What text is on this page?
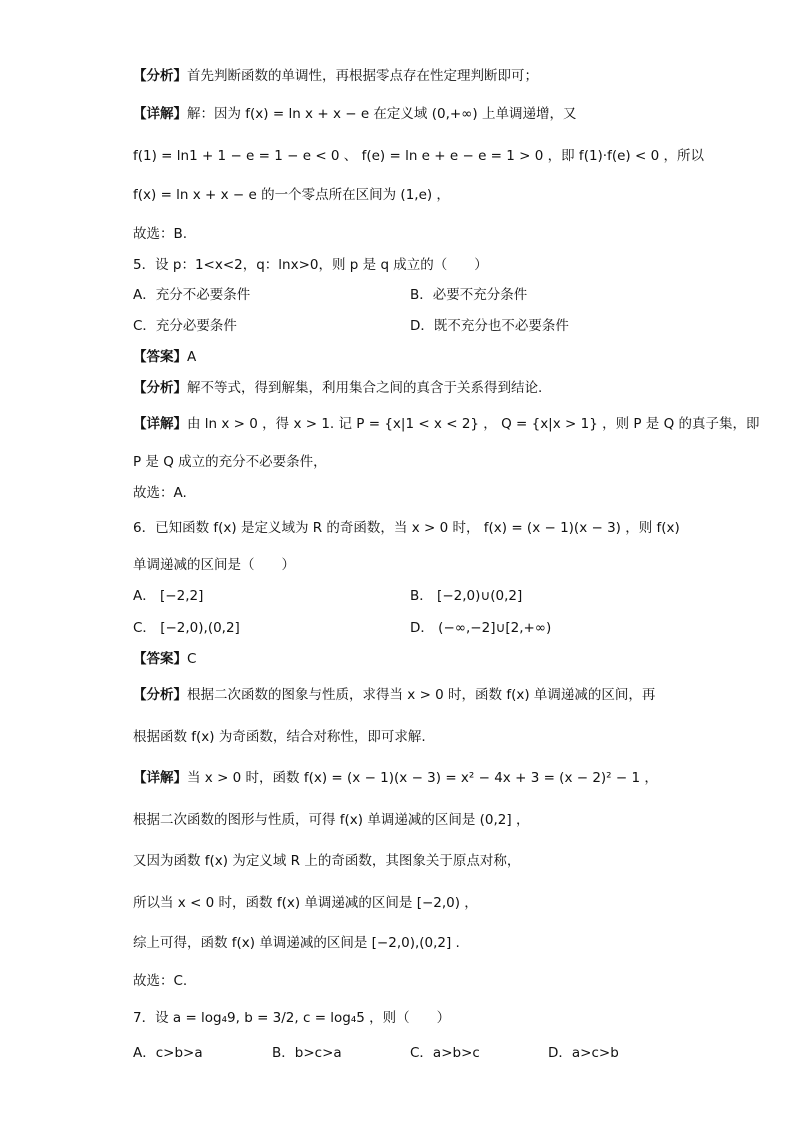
【分析】首先判断函数的单调性，再根据零点存在性定理判断即可；
【详解】解：因为 f(x) = ln x + x − e 在定义域 (0,+∞) 上单调递增，又
f(1) = ln1 + 1 − e = 1 − e < 0 、 f(e) = ln e + e − e = 1 > 0 ，即 f(1)·f(e) < 0 ，所以
f(x) = ln x + x − e 的一个零点所在区间为 (1,e) ，
故选：B.
5．设 p：1<x<2，q：lnx>0，则 p 是 q 成立的（　　）
A．充分不必要条件	B．必要不充分条件
C．充分必要条件	D．既不充分也不必要条件
【答案】A
【分析】解不等式，得到解集，利用集合之间的真含于关系得到结论.
【详解】由 ln x > 0 ，得 x > 1. 记 P = {x|1 < x < 2} ， Q = {x|x > 1} ，则 P 是 Q 的真子集，即
P 是 Q 成立的充分不必要条件，
故选：A.
6．已知函数 f(x) 是定义域为 R 的奇函数，当 x > 0 时， f(x) = (x − 1)(x − 3) ，则 f(x)
单调递减的区间是（　　）
A． [−2,2]	B． [−2,0)∪(0,2]
C． [−2,0),(0,2]	D． (−∞,−2]∪[2,+∞)
【答案】C
【分析】根据二次函数的图象与性质，求得当 x > 0 时，函数 f(x) 单调递减的区间，再
根据函数 f(x) 为奇函数，结合对称性，即可求解.
【详解】当 x > 0 时，函数 f(x) = (x − 1)(x − 3) = x² − 4x + 3 = (x − 2)² − 1 ，
根据二次函数的图形与性质，可得 f(x) 单调递减的区间是 (0,2] ，
又因为函数 f(x) 为定义域 R 上的奇函数，其图象关于原点对称，
所以当 x < 0 时，函数 f(x) 单调递减的区间是 [−2,0) ，
综上可得，函数 f(x) 单调递减的区间是 [−2,0),(0,2] .
故选：C.
7．设 a = log₄9, b = 3/2, c = log₄5 ，则（　　）
A．c>b>a	B．b>c>a	C．a>b>c	D．a>c>b
